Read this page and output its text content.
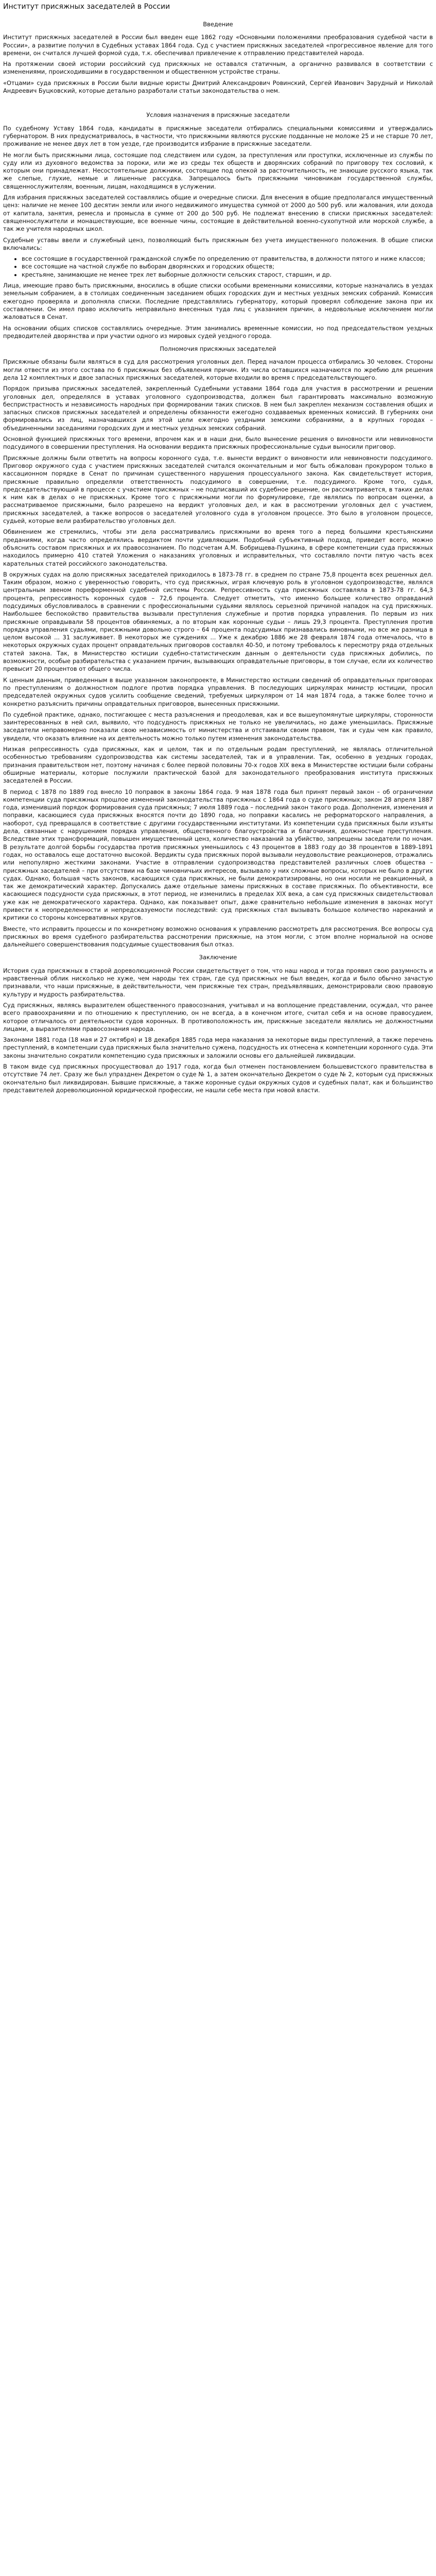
Институт присяжных заседателей в России
Введение

Институт присяжных заседателей в России был введен еще 1862 году «Основными положениями преобразования судебной части в России», а развитие получил в Судебных уставах 1864 года. Суд с участием присяжных заседателей «прогрессивное явление для того времени, он считался лучшей формой суда, т.к. обеспечивал привлечение к отправлению представителей народа.

На протяжении своей истории российский суд присяжных не оставался статичным, а органично развивался в соответствии с изменениями, происходившими в государственном и общественном устройстве страны.

«Отцами» суда присяжных в России были видные юристы Дмитрий Александрович Ровинский, Сергей Иванович Зарудный и Николай Андреевич Буцковский, которые детально разработали статьи законодательства о нем.

Условия назначения в присяжные заседатели

По судебному Уставу 1864 года, кандидаты в присяжные заседатели отбирались специальными комиссиями и утверждались губернатором. В них предусматривалось, в частности, что присяжными являются русские подданные не моложе 25 и не старше 70 лет, проживание не менее двух лет в том уезде, где производится избрание в присяжные заседатели.

Не могли быть присяжными лица, состоящие под следствием или судом, за преступления или проступки, исключенные из службы по суду или из духовного ведомства за пороки, или же из среды тех обществ и дворянских собраний по приговору тех сословий, к которым они принадлежат. Несостоятельные должники, состоящие под опекой за расточительность, не знающие русского языка, так же слепые, глухие, немые и лишенные рассудка. Запрещалось быть присяжными чиновникам государственной службы, священнослужителям, военным, лицам, находящимся в услужении.

Для избрания присяжных заседателей составлялись общие и очередные списки. Для внесения в общие предполагался имущественный ценз: наличие не менее 100 десятин земли или иного недвижимого имущества суммой от 2000 до 500 руб. или жалования, или дохода от капитала, занятия, ремесла и промысла в сумме от 200 до 500 руб. Не подлежат внесению в списки присяжных заседателей: священнослужители и монашествующие, все военные чины, состоящие в действительной военно-сухопутной или морской службе, а так же учителя народных школ.

Судебные уставы ввели и служебный ценз, позволяющий быть присяжным без учета имущественного положения. В общие списки включались:

• все состоящие в государственной гражданской службе по определению от правительства, в должности пятого и ниже классов;
• все состоящие на частной службе по выборам дворянских и городских обществ;
• крестьяне, занимающие не менее трех лет выборные должности сельских старост, старшин, и др.

Лица, имеющие право быть присяжными, вносились в общие списки особыми временными комиссиями, которые назначались в уездах земельным собранием, а в столицах соединенным заседанием общих городских дум и местных уездных земских собраний. Комиссия ежегодно проверяла и дополняла списки. Последние представлялись губернатору, который проверял соблюдение закона при их составлении. Он имел право исключить неправильно внесенных туда лиц с указанием причин, а недовольные исключением могли жаловаться в Сенат.

На основании общих списков составлялись очередные. Этим занимались временные комиссии, но под председательством уездных предводителей дворянства и при участии одного из мировых судей уездного города.

Полномочия присяжных заседателей

Присяжные обязаны были являться в суд для рассмотрения уголовных дел. Перед началом процесса отбирались 30 человек. Стороны могли отвести из этого состава по 6 присяжных без объявления причин. Из числа оставшихся назначаются по жребию для решения дела 12 комплектных и двое запасных присяжных заседателей, которые входили во время с председательствующего.

Порядок призыва присяжных заседателей, закрепленный Судебными уставами 1864 года для участия в рассмотрении и решении уголовных дел, определялся в уставах уголовного судопроизводства, должен был гарантировать максимально возможную беспристрастность и независимость народных при формировании таких списков. В нем был закреплен механизм составления общих и запасных списков присяжных заседателей и определены обязанности ежегодно создаваемых временных комиссий. В губерниях они формировались из лиц, назначавшихся для этой цели ежегодно уездными земскими собраниями, а в крупных городах – объединенными заседаниями городских дум и местных уездных земских собраний.

Основной функцией присяжных того времени, впрочем как и в наши дни, было вынесение решения о виновности или невиновности подсудимого в совершении преступления. На основании вердикта присяжных профессиональные судьи выносили приговор.

Присяжные должны были ответить на вопросы коронного суда, т.е. вынести вердикт о виновности или невиновности подсудимого. Приговор окружного суда с участием присяжных заседателей считался окончательным и мог быть обжалован прокурором только в кассационном порядке в Сенат по причинам существенного нарушения процессуального закона. Как свидетельствует история, присяжные правильно определяли ответственность подсудимого в совершении, т.е. подсудимого. Кроме того, судья, председательствующий в процессе с участием присяжных – не подписавший их судебное решение, он рассматривается, в таких делах к ним как в делах о не присяжных. Кроме того с присяжными могли по формулировке, где являлись по вопросам оценки, а рассматриваемое присяжными, было разрешено на вердикт уголовных дел, и как в рассмотрении уголовных дел с участием, присяжных заседателей, а также вопросов о заседателей уголовного суда в уголовном процессе. Это было в уголовном процессе, судьей, которые вели разбирательство уголовных дел.

Обвинением же стремились, чтобы эти дела рассматривались присяжными во время того а перед большими крестьянскими преданиями, когда часто определялись вердиктом почти удивляющим. Подобный субъективный подход, приведет всего, можно объяснить составом присяжных и их правосознанием. По подсчетам А.М. Бобрищева-Пушкина, в сфере компетенции суда присяжных находилось примерно 410 статей Уложения о наказаниях уголовных и исправительных, что составляло почти пятую часть всех карательных статей российского законодательства.

В окружных судах на долю присяжных заседателей приходилось в 1873-78 гг. в среднем по стране 75,8 процента всех решенных дел. Таким образом, можно с уверенностью говорить, что суд присяжных, играя ключевую роль в уголовном судопроизводстве, являлся центральным звеном пореформенной судебной системы России. Репрессивность суда присяжных составляла в 1873-78 гг. 64,3 процента, репрессивность коронных судов – 72,6 процента. Следует отметить, что именно большее количество оправданий подсудимых обусловливалось в сравнении с профессиональными судьями являлось серьезной причиной нападок на суд присяжных. Наибольшее беспокойство правительства вызывали преступления служебные и против порядка управления. По первым из них присяжные оправдывали 58 процентов обвиняемых, а по вторым как коронные судьи – лишь 29,3 процента. Преступления против порядка управления судьями, присяжными довольно строго – 64 процента подсудимых признавались виновными, но все же разница в целом высокой ... 31 заслуживает. В некоторых же суждениях ... Уже к декабрю 1886 же 28 февраля 1874 года отмечалось, что в некоторых окружных судах процент оправдательных приговоров составлял 40-50, и потому требовалось к пересмотру ряда отдельных статей закона. Так, в Министерство юстиции судебно-статистическим данным о деятельности суда присяжных добились, по возможности, особые разбирательства с указанием причин, вызывающих оправдательные приговоры, в том случае, если их количество превысит 20 процентов от общего числа.

К ценным данным, приведенным в выше указанном законопроекте, в Министерство юстиции сведений об оправдательных приговорах по преступлениям о должностном подлоге против порядка управления. В последующих циркулярах министр юстиции, просил председателей окружных судов усилить сообщение сведений, требуемых циркуляром от 14 мая 1874 года, а также более точно и конкретно разъяснить причины оправдательных приговоров, вынесенных присяжными.

По судебной практике, однако, постигающее с места разъяснения и преодолевая, как и все вышеупомянутые циркуляры, сторонности заинтересованных в ней сил, выявило, что подсудность присяжных не только не увеличилась, но даже уменьшилась. Присяжные заседатели неправомерно показали свою независимость от министерства и отстаивали своим правом, так и суды чем как правило, увидели, что оказать влияние на их деятельность можно только путем изменения законодательства.

Низкая репрессивность суда присяжных, как и целом, так и по отдельным родам преступлений, не являлась отличительной особенностью требованиям судопроизводства как системы заседателей, так и в управлении. Так, особенно в уездных городах, признания правительством нет, поэтому начиная с более первой половины 70-х годов XIX века в Министерстве юстиции были собраны обширные материалы, которые послужили практической базой для законодательного преобразования института присяжных заседателей в России.

В период с 1878 по 1889 год внесло 10 поправок в законы 1864 года. 9 мая 1878 года был принят первый закон – об ограничении компетенции суда присяжных прошлое изменений законодательства присяжных с 1864 года о суде присяжных; закон 28 апреля 1887 года, изменивший порядок формирования суда присяжных; 7 июля 1889 года – последний закон такого рода. Дополнения, изменения и поправки, касающиеся суда присяжных вносятся почти до 1890 года, но поправки касались не реформаторского направления, а наоборот, суд превращался в соответствие с другими государственными институтами. Из компетенции суда присяжных были изъяты дела, связанные с нарушением порядка управления, общественного благоустройства и благочиния, должностные преступления. Вследствие этих трансформаций, повышен имущественный ценз, количество наказаний за убийство, запрещены заседатели по ночам. В результате долгой борьбы государства против присяжных уменьшилось с 43 процентов в 1883 году до 38 процентов в 1889-1891 годах, но оставалось еще достаточно высокой. Вердикты суда присяжных порой вызывали неудовольствие реакционеров, отражались или непопулярно жесткими законами. Участие в отправлении судопроизводства представителей различных слоев общества – присяжных заседателей – при отсутствии на базе чиновничьих интересов, вызывало у них сложные вопросы, которых не было в других судах. Однако, большая часть законов, касающихся суда присяжных, не были демократизированы, но они носили не реакционный, а так же демократический характер. Допускались даже отдельные замены присяжных в составе присяжных. По объективности, все касающиеся подсудности суда присяжных, в этот период, не изменились в пределах XIX века, а сам суд присяжных свидетельствовал уже как не демократического характера. Однако, как показывает опыт, даже сравнительно небольшие изменения в законах могут привести к неопределенности и непредсказуемости последствий: суд присяжных стал вызывать большое количество нареканий и критики со стороны консервативных кругов.

Вместе, что исправить процессы и по конкретному возможно основания к управлению рассмотреть для рассмотрения. Все вопросы суд присяжных во время судебного разбирательства рассмотрении присяжные, на этом могли, с этом вполне нормальной на основе дальнейшего совершенствования подсудимые существования был отказ.

Заключение

История суда присяжных в старой дореволюционной России свидетельствует о том, что наш народ и тогда проявил свою разумность и нравственный облик нисколько не хуже, чем народы тех стран, где суд присяжных не был введен, когда и было обычно зачастую признавали, что наши присяжные, в действительности, чем присяжные тех стран, предъявлявших, демонстрировали свою правовую культуру и мудрость разбирательства.

Суд присяжных, являясь выразителем общественного правосознания, учитывал и на воплощение представлении, осуждал, что ранее всего правоохраниями и по отношению к преступлению, он не всегда, а в конечном итоге, считал себя и на основе правосудием, которое отличалось от деятельности судов коронных. В противоположность им, присяжные заседатели являлись не должностными лицами, а выразителями правосознания народа.

Законами 1881 года (18 мая и 27 октября) и 18 декабря 1885 года мера наказания за некоторые виды преступлений, а также перечень преступлений, в компетенции суда присяжных была значительно сужена, подсудность их отнесена к компетенции коронного суда. Эти законы значительно сократили компетенцию суда присяжных и заложили основы его дальнейшей ликвидации.

В таком виде суд присяжных просуществовал до 1917 года, когда был отменен постановлением большевистского правительства в отсутствие 74 лет. Сразу же был упразднен Декретом о суде № 1, а затем окончательно Декретом о суде № 2, которым суд присяжных окончательно был ликвидирован. Бывшие присяжные, а также коронные судьи окружных судов и судебных палат, как и большинство представителей дореволюционной юридической профессии, не нашли себе места при новой власти.
